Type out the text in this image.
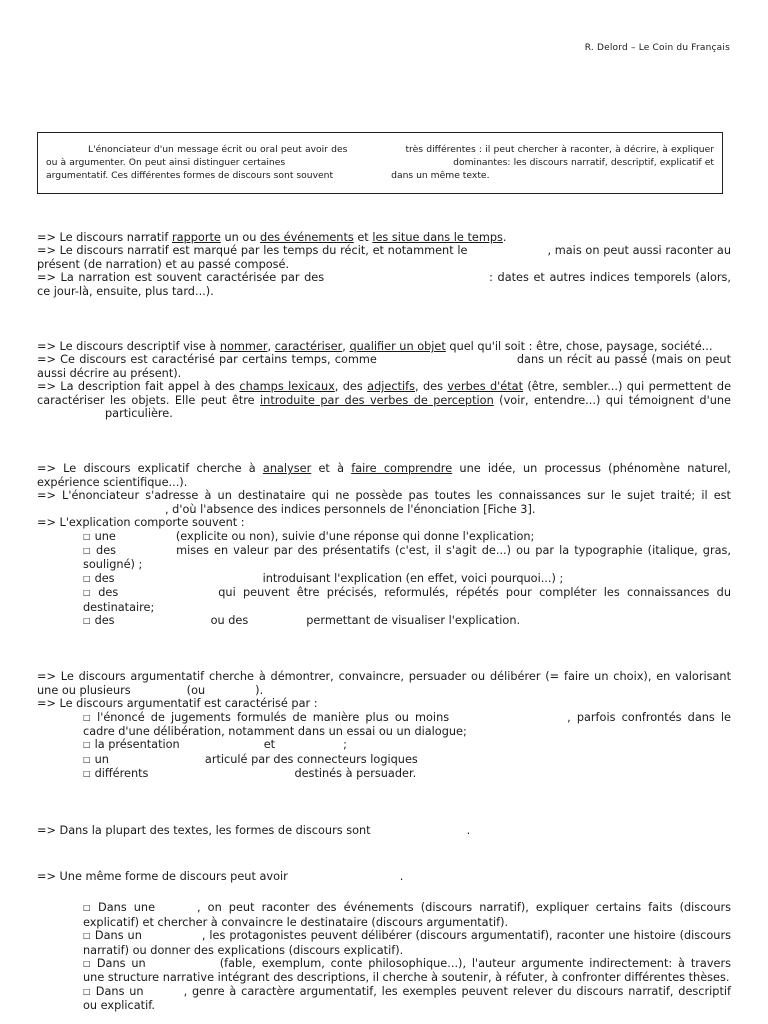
R. Delord – Le Coin du Français
L'énonciateur d'un message écrit ou oral peut avoir des	très différentes : il peut chercher à raconter, à décrire, à expliquer ou à argumenter. On peut ainsi distinguer certaines	dominantes: les discours narratif, descriptif, explicatif et argumentatif. Ces différentes formes de discours sont souvent	dans un même texte.

=> Le discours narratif rapporte un ou des événements et les situe dans le temps.

=> Le discours narratif est marqué par les temps du récit, et notamment le	, mais on peut aussi raconter au présent (de narration) et au passé composé.

=> La narration est souvent caractérisée par des	: dates et autres indices temporels (alors, ce jour-là, ensuite, plus tard...).

=> Le discours descriptif vise à nommer, caractériser, qualifier un objet quel qu'il soit : être, chose, paysage, société...

=> Ce discours est caractérisé par certains temps, comme	dans un récit au passé (mais on peut aussi décrire au présent).

=> La description fait appel à des champs lexicaux, des adjectifs, des verbes d'état (être, sembler...) qui permettent de caractériser les objets. Elle peut être introduite par des verbes de perception (voir, entendre...) qui témoignent d'uneparticulière.

=> Le discours explicatif cherche à analyser et à faire comprendre une idée, un processus (phénomène naturel, expérience scientifique...).

=> L'énonciateur s'adresse à un destinataire qui ne possède pas toutes les connaissances sur le sujet traité; il est , d'où l'absence des indices personnels de l'énonciation [Fiche 3].

=> L'explication comporte souvent :

□ une	(explicite ou non), suivie d'une réponse qui donne l'explication;

□ des	mises en valeur par des présentatifs (c'est, il s'agit de...) ou par la typographie (italique, gras, souligné) ;

□ des	introduisant l'explication (en effet, voici pourquoi...) ;

□ des	qui peuvent être précisés, reformulés, répétés pour compléter les connaissances du destinataire;

□ des	ou des	permettant de visualiser l'explication.

=> Le discours argumentatif cherche à démontrer, convaincre, persuader ou délibérer (= faire un choix), en valorisant une ou plusieurs	(ou	).

=> Le discours argumentatif est caractérisé par :

□ l'énoncé de jugements formulés de manière plus ou moins	, parfois confrontés dans le cadre d'une délibération, notamment dans un essai ou un dialogue;

□ la présentation	et	;

□ un	articulé par des connecteurs logiques

□ différents	destinés à persuader.

=> Dans la plupart des textes, les formes de discours sont	.

=> Une même forme de discours peut avoir	.

□ Dans une	, on peut raconter des événements (discours narratif), expliquer certains faits (discours explicatif) et chercher à convaincre le destinataire (discours argumentatif).

□ Dans un	, les protagonistes peuvent délibérer (discours argumentatif), raconter une histoire (discours narratif) ou donner des explications (discours explicatif).

□ Dans un	(fable, exemplum, conte philosophique...), l'auteur argumente indirectement: à travers une structure narrative intégrant des descriptions, il cherche à soutenir, à réfuter, à confronter différentes thèses.

□ Dans un	, genre à caractère argumentatif, les exemples peuvent relever du discours narratif, descriptif ou explicatif.
